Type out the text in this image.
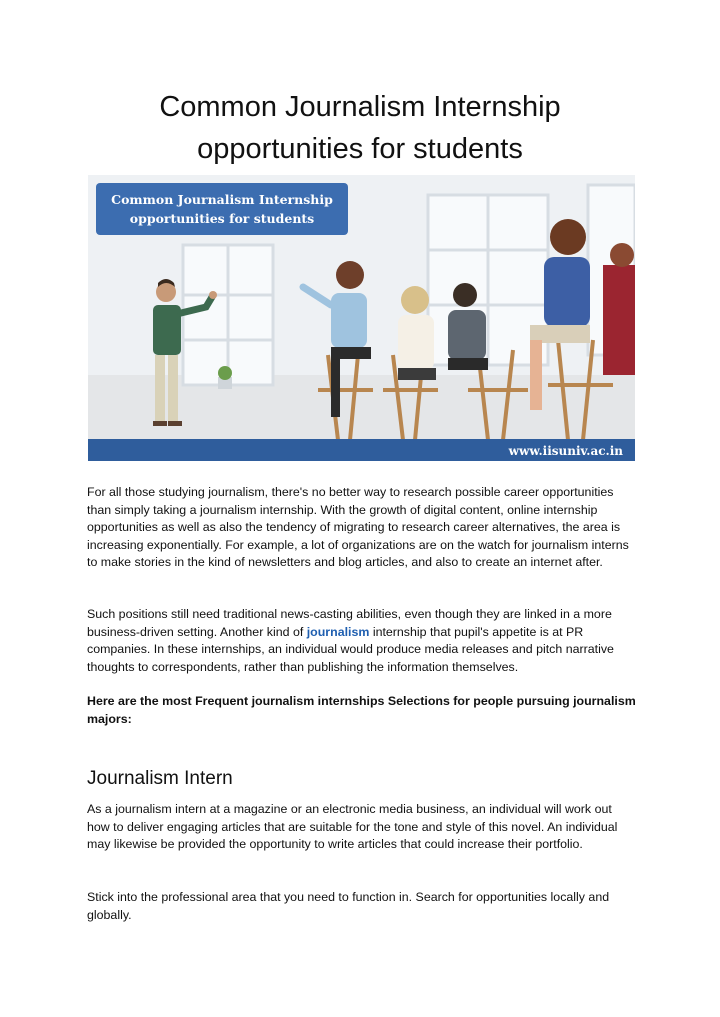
Common Journalism Internship
opportunities for students
Common Journalism Internship
opportunities for students
www.iisuniv.ac.in

For all those studying journalism, there's no better way to research possible career opportunities than simply taking a journalism internship. With the growth of digital content, online internship opportunities as well as also the tendency of migrating to research career alternatives, the area is increasing exponentially. For example, a lot of organizations are on the watch for journalism interns to make stories in the kind of newsletters and blog articles, and also to create an internet after.

Such positions still need traditional news-casting abilities, even though they are linked in a more business-driven setting. Another kind of journalism internship that pupil's appetite is at PR companies. In these internships, an individual would produce media releases and pitch narrative thoughts to correspondents, rather than publishing the information themselves.

Here are the most Frequent journalism internships Selections for people pursuing journalism majors:

Journalism Intern

As a journalism intern at a magazine or an electronic media business, an individual will work out how to deliver engaging articles that are suitable for the tone and style of this novel. An individual may likewise be provided the opportunity to write articles that could increase their portfolio.

Stick into the professional area that you need to function in. Search for opportunities locally and globally.
